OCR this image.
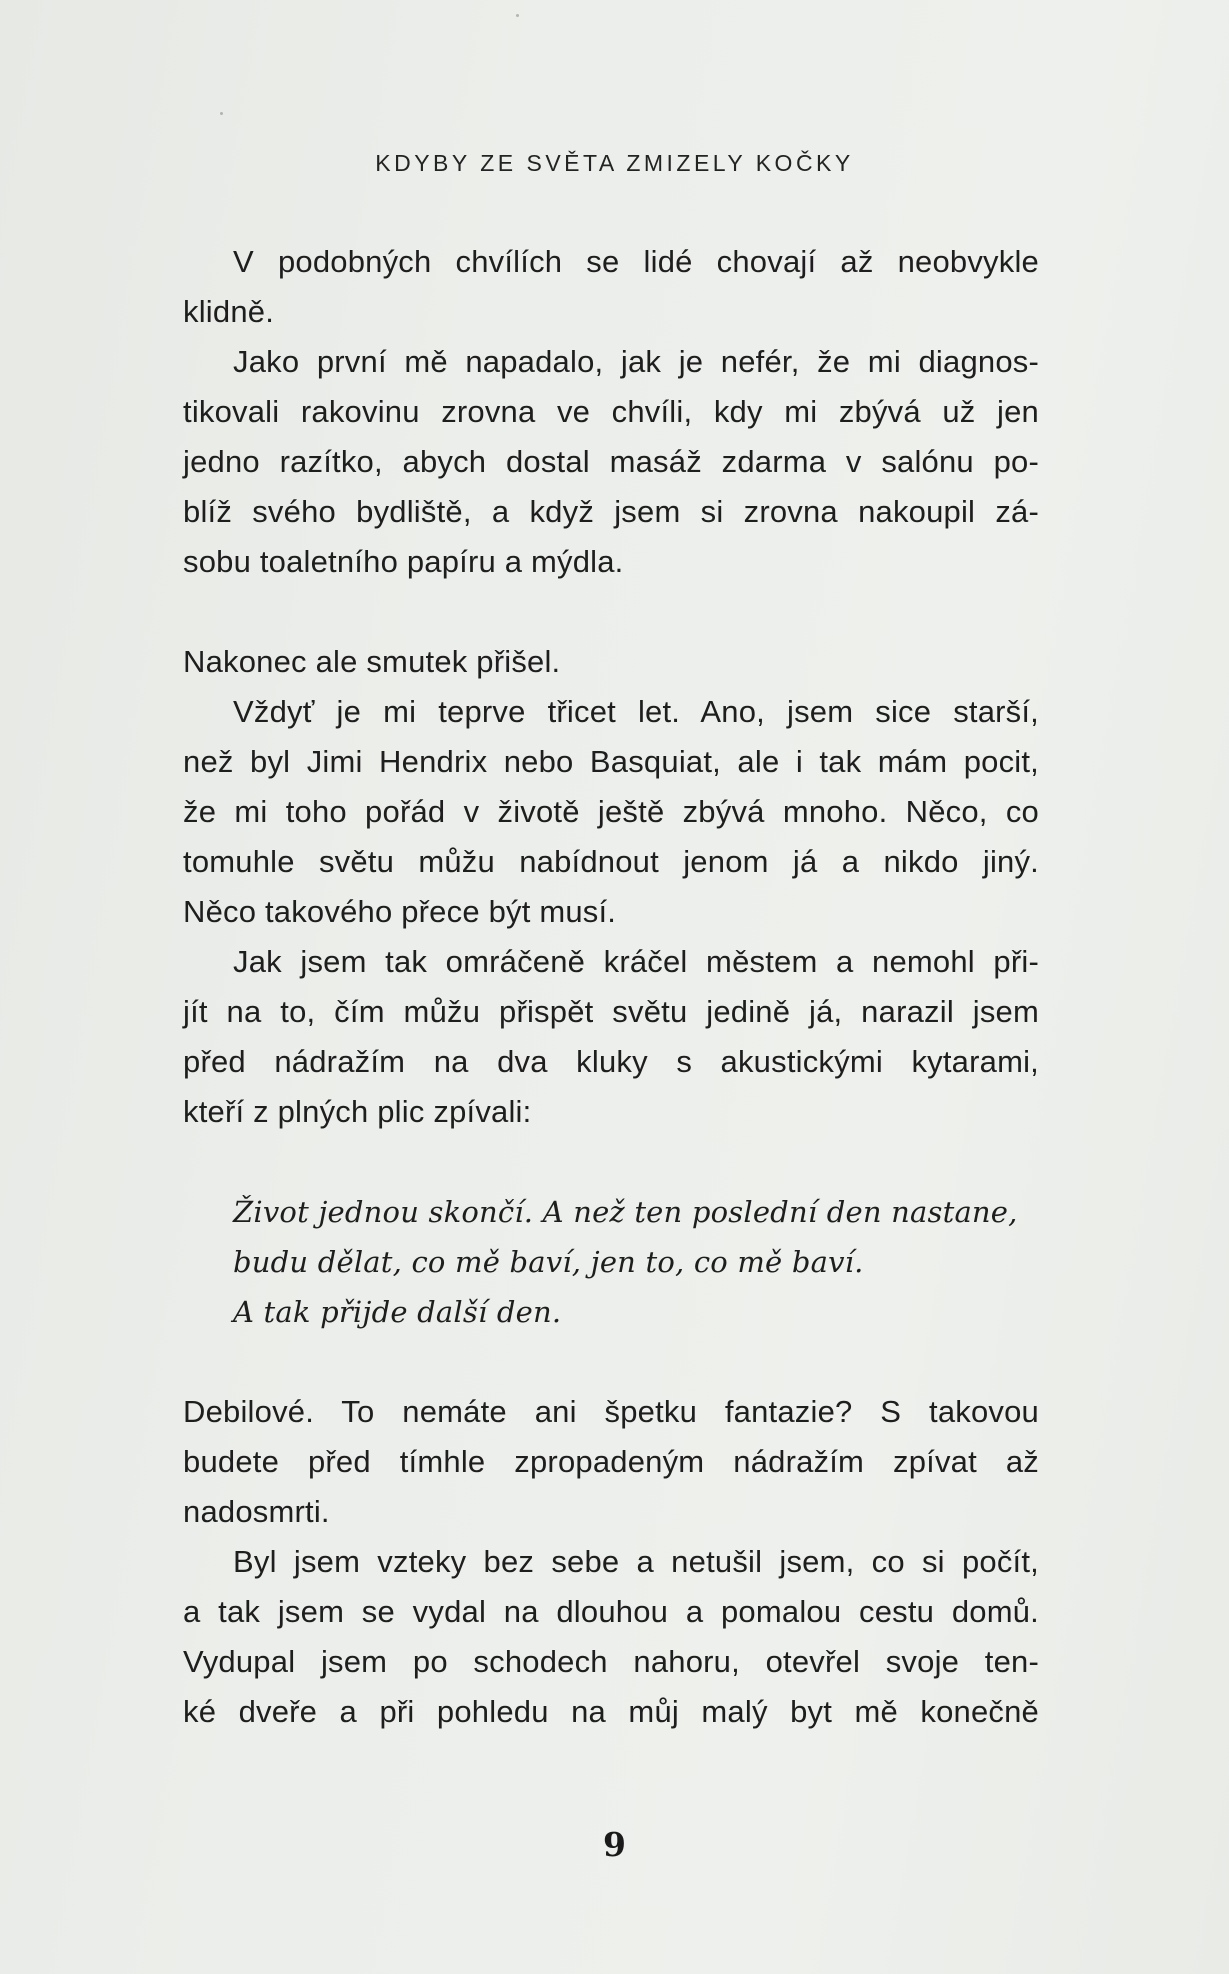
KDYBY ZE SVĚTA ZMIZELY KOČKY
V podobných chvílích se lidé chovají až neobvykle
klidně.
Jako první mě napadalo, jak je nefér, že mi diagnos-
tikovali rakovinu zrovna ve chvíli, kdy mi zbývá už jen
jedno razítko, abych dostal masáž zdarma v salónu po-
blíž svého bydliště, a když jsem si zrovna nakoupil zá-
sobu toaletního papíru a mýdla.
Nakonec ale smutek přišel.
Vždyť je mi teprve třicet let. Ano, jsem sice starší,
než byl Jimi Hendrix nebo Basquiat, ale i tak mám pocit,
že mi toho pořád v životě ještě zbývá mnoho. Něco, co
tomuhle světu můžu nabídnout jenom já a nikdo jiný.
Něco takového přece být musí.
Jak jsem tak omráčeně kráčel městem a nemohl při-
jít na to, čím můžu přispět světu jedině já, narazil jsem
před nádražím na dva kluky s akustickými kytarami,
kteří z plných plic zpívali:
Život jednou skončí. A než ten poslední den nastane,
budu dělat, co mě baví, jen to, co mě baví.
A tak přijde další den.
Debilové. To nemáte ani špetku fantazie? S takovou
budete před tímhle zpropadeným nádražím zpívat až
nadosmrti.
Byl jsem vzteky bez sebe a netušil jsem, co si počít,
a tak jsem se vydal na dlouhou a pomalou cestu domů.
Vydupal jsem po schodech nahoru, otevřel svoje ten-
ké dveře a při pohledu na můj malý byt mě konečně
9
